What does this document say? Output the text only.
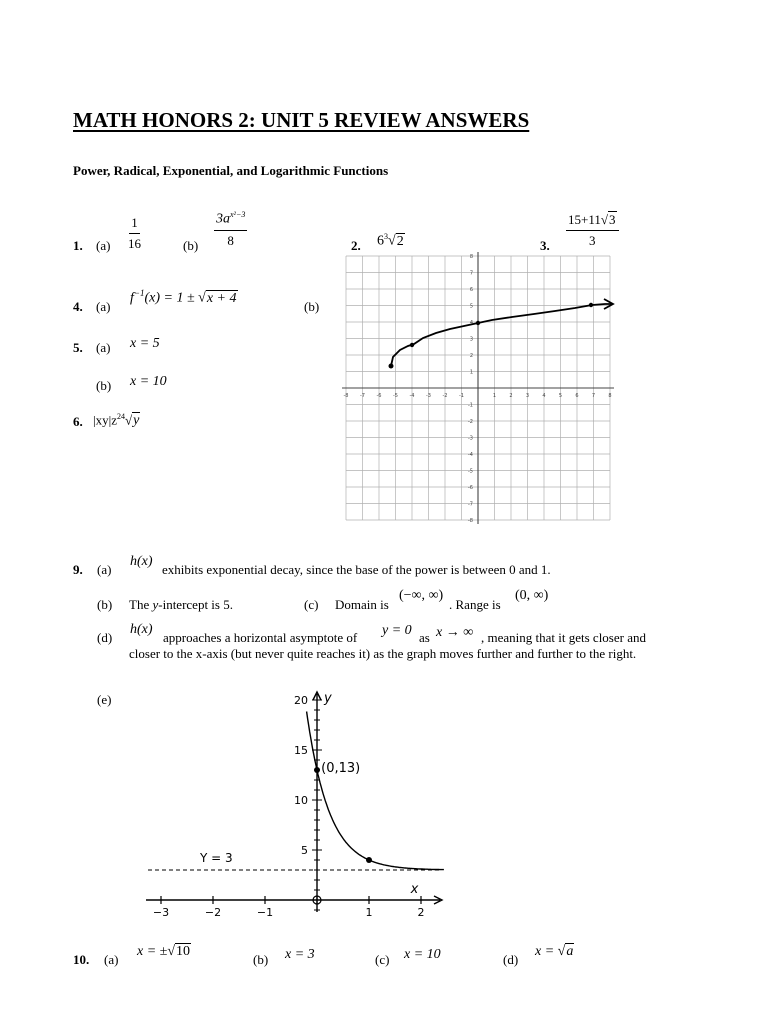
MATH HONORS 2: UNIT 5 REVIEW ANSWERS
Power, Radical, Exponential, and Logarithmic Functions
1. $(a) \frac{1}{16}$	$(b) \frac{3a^{x^2-3}}{8}$	2. $6^3√2$	3. $\frac{15+11√3}{3}$
4. (a)
$f^{-1}(x) = 1 \pm √x + 4$
(b)
5. (a) x = 5
(b) x = 10
6. $|xy|z^{24}√y$
-8 -7 -6 -5 -4 -3 -2 -1	1	2	3	4	5	6	7	8
8
7
6
5
4
3
2
1
-1
-2
-3
-4
-5
-6
-7
-8
9. (a)
h(x)
exhibits exponential decay, since the base of the power is between 0 and 1.
(b) The y-intercept is 5.	(c) Domain is
(−∞, ∞)
. Range is
(0, ∞)
(d)
h(x)
approaches a horizontal asymptote of y = 0 as x → ∞ , meaning that it gets closer and
closer to the x-axis (but never quite reaches it) as the graph moves further and further to the right.
(e)
−3	−2	−1	1	2
5
10
15
20 y
x
Y = 3
(0,13)
10. (a)
x = ±√10
(b) x = 3	(c) x = 10	(d)
x = √a
